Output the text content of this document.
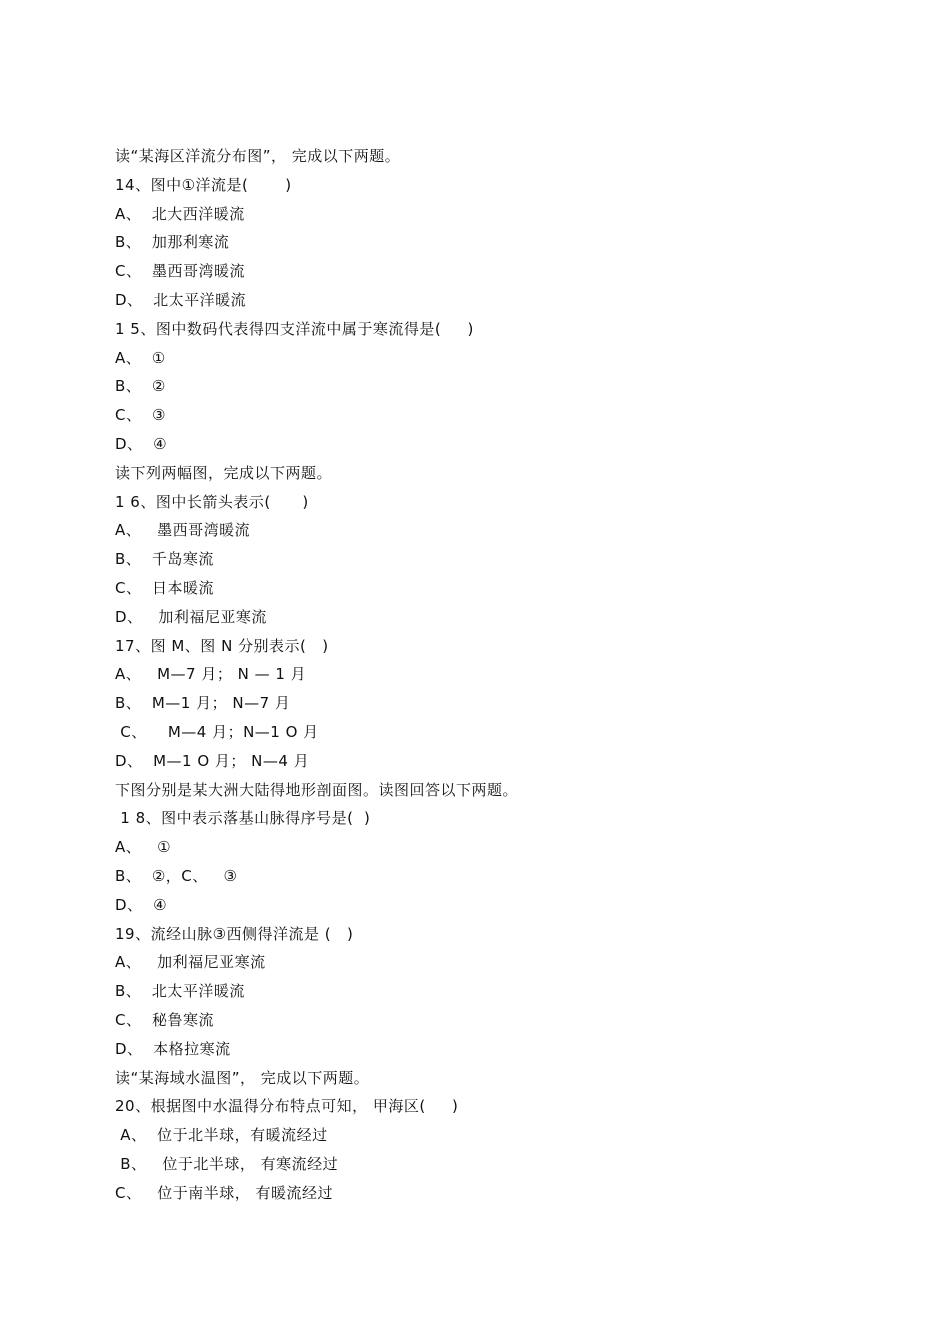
读“某海区洋流分布图”， 完成以下两题。
14、图中①洋流是(       )
A、  北大西洋暖流
B、  加那利寒流
C、  墨西哥湾暖流
D、  北太平洋暖流
1 5、图中数码代表得四支洋流中属于寒流得是(     )
A、  ①
B、  ②
C、  ③
D、  ④
读下列两幅图，完成以下两题。
1 6、图中长箭头表示(      )
A、   墨西哥湾暖流
B、  千岛寒流
C、  日本暖流
D、   加利福尼亚寒流
17、图 M、图 N 分别表示(   )
A、   M—7 月； N — 1 月
B、  M—1 月； N—7 月
C、    M—4 月；N—1 O 月
D、  M—1 O 月； N—4 月
下图分别是某大洲大陆得地形剖面图。读图回答以下两题。
1 8、图中表示落基山脉得序号是(  )
A、   ①
B、  ②，C、   ③
D、  ④
19、流经山脉③西侧得洋流是 (   )
A、   加利福尼亚寒流
B、  北太平洋暖流
C、  秘鲁寒流
D、  本格拉寒流
读“某海域水温图”， 完成以下两题。
20、根据图中水温得分布特点可知， 甲海区(     )
A、  位于北半球，有暖流经过
B、   位于北半球， 有寒流经过
C、   位于南半球， 有暖流经过
